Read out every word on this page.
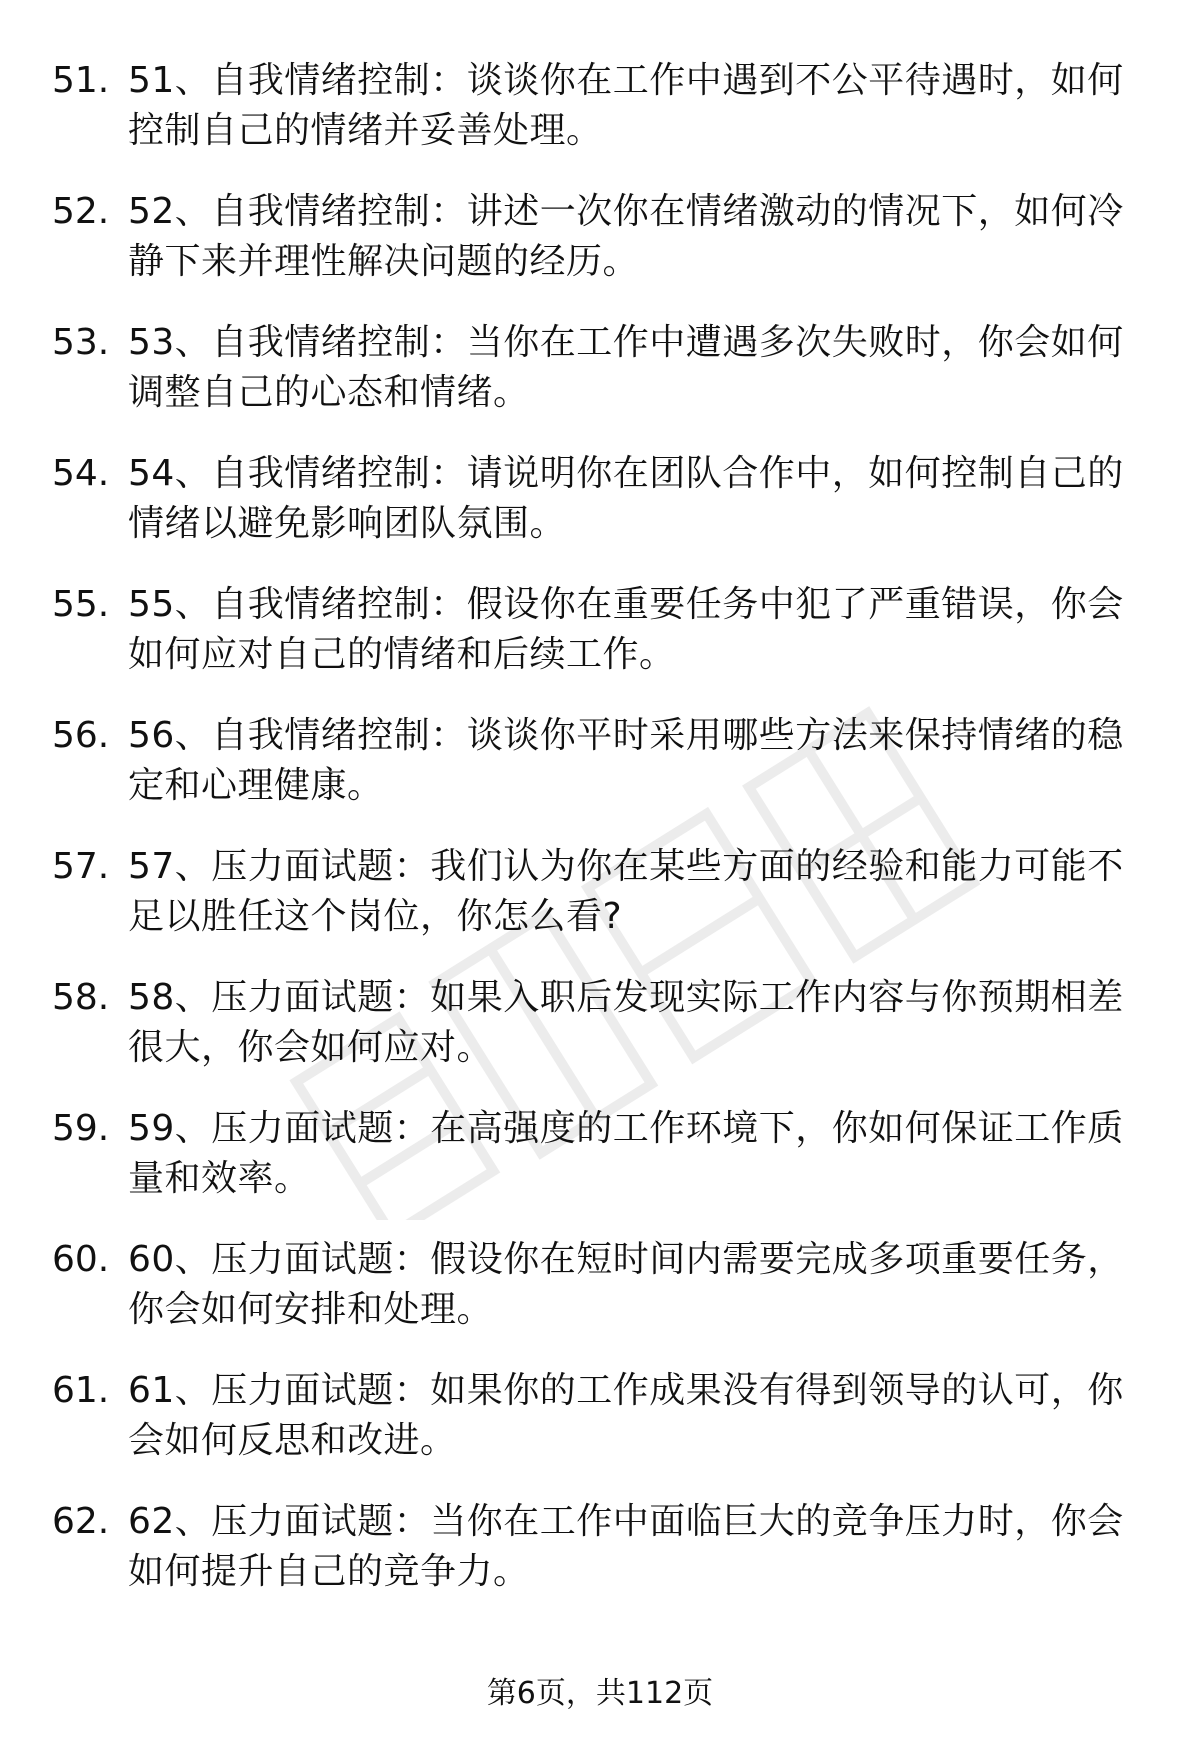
51. 51、自我情绪控制：谈谈你在工作中遇到不公平待遇时，如何控制自己的情绪并妥善处理。
52. 52、自我情绪控制：讲述一次你在情绪激动的情况下，如何冷静下来并理性解决问题的经历。
53. 53、自我情绪控制：当你在工作中遭遇多次失败时，你会如何调整自己的心态和情绪。
54. 54、自我情绪控制：请说明你在团队合作中，如何控制自己的情绪以避免影响团队氛围。
55. 55、自我情绪控制：假设你在重要任务中犯了严重错误，你会如何应对自己的情绪和后续工作。
56. 56、自我情绪控制：谈谈你平时采用哪些方法来保持情绪的稳定和心理健康。
57. 57、压力面试题：我们认为你在某些方面的经验和能力可能不足以胜任这个岗位，你怎么看?
58. 58、压力面试题：如果入职后发现实际工作内容与你预期相差很大，你会如何应对。
59. 59、压力面试题：在高强度的工作环境下，你如何保证工作质量和效率。
60. 60、压力面试题：假设你在短时间内需要完成多项重要任务，你会如何安排和处理。
61. 61、压力面试题：如果你的工作成果没有得到领导的认可，你会如何反思和改进。
62. 62、压力面试题：当你在工作中面临巨大的竞争压力时，你会如何提升自己的竞争力。
第6页，共112页
